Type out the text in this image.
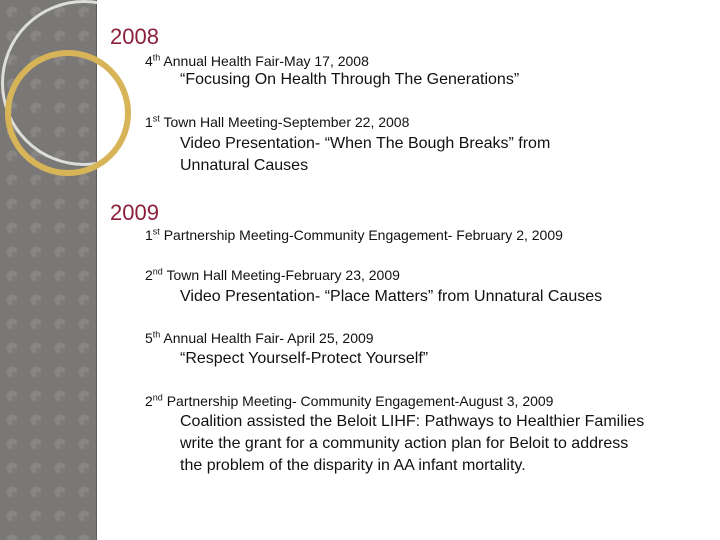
2008
4th Annual Health Fair-May 17, 2008
“Focusing On Health Through The Generations”
1st Town Hall Meeting-September 22, 2008
Video Presentation- “When The Bough Breaks” from
Unnatural Causes
2009
1st Partnership Meeting-Community Engagement- February 2, 2009
2nd Town Hall Meeting-February 23, 2009
Video Presentation- “Place Matters” from Unnatural Causes
5th Annual Health Fair- April 25, 2009
“Respect Yourself-Protect Yourself”
2nd Partnership Meeting- Community Engagement-August 3, 2009
Coalition assisted the Beloit LIHF: Pathways to Healthier Families
write the grant for a community action plan for Beloit to address
the problem of the disparity in AA infant mortality.
